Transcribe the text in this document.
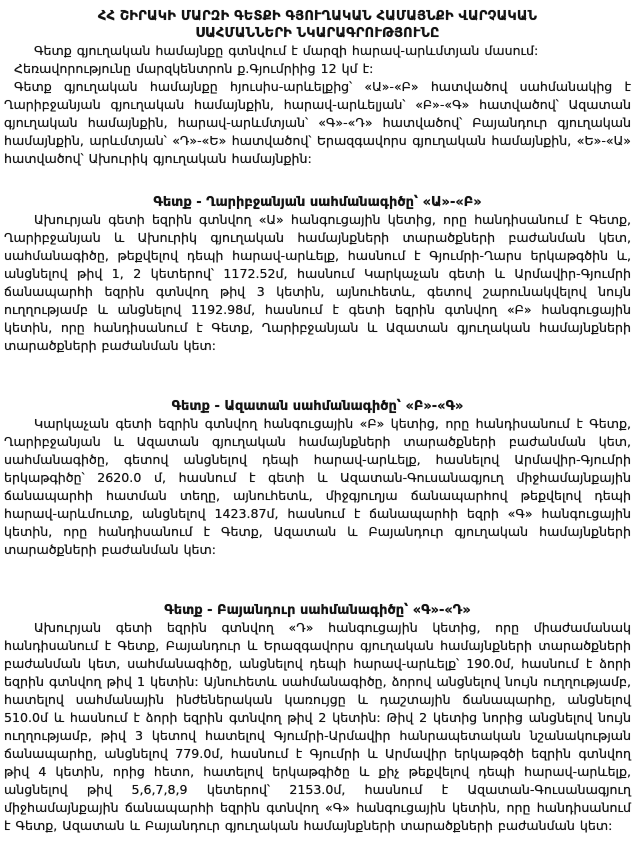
ՀՀ ՇԻՐԱԿԻ ՄԱՐԶԻ ԳԵՏՔԻ ԳՅՈՒՂԱԿԱՆ ՀԱՄԱՅՆՔԻ ՎԱՐՉԱԿԱՆ
ՍԱՀՄԱՆՆԵՐԻ ՆԿԱՐԱԳՐՈՒԹՅՈՒՆԸ

Գետք գյուղական համայնքը գտնվում է մարզի հարավ-արևմտյան մասում:

Հեռավորությունը մարզկենտրոն ք.Գյումրիից 12 կմ է:

Գետք գյուղական համայնքը հյուսիս-արևելքից՝ «Ա»-«Բ» հատվածով սահմանակից է Ղարիբջանյան գյուղական համայնքին, հարավ-արևելյան՝ «Բ»-«Գ» հատվածով՝ Ազատան գյուղական համայնքին, հարավ-արևմտյան՝ «Գ»-«Դ» հատվածով՝ Բայանդուր գյուղական համայնքին, արևմտյան՝ «Դ»-«Ե» հատվածով՝ Երազգավորս գյուղական համայնքին, «Ե»-«Ա» հատվածով՝ Ախուրիկ գյուղական համայնքին:

Գետք - Ղարիբջանյան սահմանագիծը՝ «Ա»-«Բ»

Ախուրյան գետի եզրին գտնվող «Ա» հանգուցային կետից, որը հանդիսանում է Գետք, Ղարիբջանյան և Ախուրիկ գյուղական համայնքների տարածքների բաժանման կետ, սահմանագիծը, թեքվելով դեպի հարավ-արևելք, հասնում է Գյումրի-Ղարս երկաթգծին և, անցնելով թիվ 1, 2 կետերով՝ 1172.52մ, հասնում Կարկաչան գետի և Արմավիր-Գյումրի ճանապարհի եզրին գտնվող թիվ 3 կետին, այնուհետև, գետով շարունակվելով նույն ուղղությամբ և անցնելով 1192.98մ, հասնում է գետի եզրին գտնվող «Բ» հանգուցային կետին, որը հանդիսանում է Գետք, Ղարիբջանյան և Ազատան գյուղական համայնքների տարածքների բաժանման կետ:

Գետք - Ազատան սահմանագիծը՝ «Բ»-«Գ»

Կարկաչան գետի եզրին գտնվող հանգուցային «Բ» կետից, որը հանդիսանում է Գետք, Ղարիբջանյան և Ազատան գյուղական համայնքների տարածքների բաժանման կետ, սահմանագիծը, գետով անցնելով դեպի հարավ-արևելք, հասնելով Արմավիր-Գյումրի երկաթգիծը՝ 2620.0 մ, հասնում է գետի և Ազատան-Գուսանագյուղ միջհամայնքային ճանապարհի հատման տեղը, այնուհետև, միջգյուղյա ճանապարհով թեքվելով դեպի հարավ-արևմուտք, անցնելով 1423.87մ, հասնում է ճանապարհի եզրի «Գ» հանգուցային կետին, որը հանդիսանում է Գետք, Ազատան և Բայանդուր գյուղական համայնքների տարածքների բաժանման կետ:

Գետք - Բայանդուր սահմանագիծը՝ «Գ»-«Դ»

Ախուրյան գետի եզրին գտնվող «Դ» հանգուցային կետից, որը միաժամանակ հանդիսանում է Գետք, Բայանդուր և Երազգավորս գյուղական համայնքների տարածքների բաժանման կետ, սահմանագիծը, անցնելով դեպի հարավ-արևելք՝ 190.0մ, հասնում է ձորի եզրին գտնվող թիվ 1 կետին: Այնուհետև սահմանագիծը, ձորով անցնելով նույն ուղղությամբ, հատելով սահմանային ինժեներական կառույցը և դաշտային ճանապարհը, անցնելով 510.0մ և հասնում է ձորի եզրին գտնվող թիվ 2 կետին: Թիվ 2 կետից նորից անցնելով նույն ուղղությամբ, թիվ 3 կետով հատելով Գյումրի-Արմավիր հանրապետական նշանակության ճանապարհը, անցնելով 779.0մ, հասնում է Գյումրի և Արմավիր երկաթգծի եզրին գտնվող թիվ 4 կետին, որից հետո, հատելով երկաթգիծը և քիչ թեքվելով դեպի հարավ-արևելք, անցնելով թիվ 5,6,7,8,9 կետերով՝ 2153.0մ, հասնում է Ազատան-Գուսանագյուղ միջհամայնքային ճանապարհի եզրին գտնվող «Գ» հանգուցային կետին, որը հանդիսանում է Գետք, Ազատան և Բայանդուր գյուղական համայնքների տարածքների բաժանման կետ:
